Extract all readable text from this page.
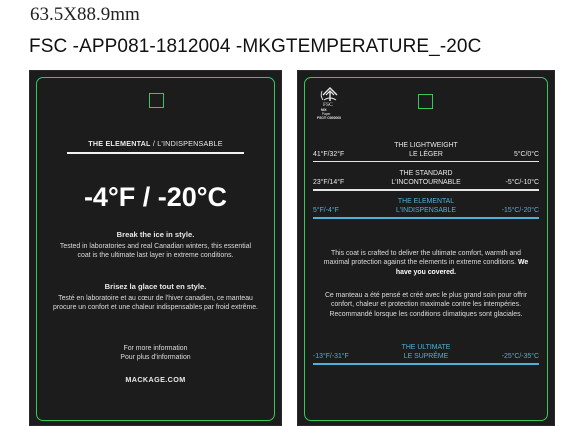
63.5X88.9mm
FSC -APP081-1812004 -MKGTEMPERATURE_-20C
THE ELEMENTAL / L'INDISPENSABLE
-4°F / -20°C
Break the ice in style.
Tested in laboratories and real Canadian winters, this essential coat is the ultimate last layer in extreme conditions.
Brisez la glace tout en style.
Testé en laboratoire et au cœur de l'hiver canadien, ce manteau procure un confort et une chaleur indispensables par froid extrême.
For more information
Pour plus d'information
MACKAGE.COM
FSC
MIX
Paper
FSC® C000000
THE LIGHTWEIGHT
LE LÉGER
41°F/32°F	5°C/0°C
THE STANDARD
L'INCONTOURNABLE
23°F/14°F	-5°C/-10°C
THE ELEMENTAL
L'INDISPENSABLE
5°F/-4°F	-15°C/-20°C
This coat is crafted to deliver the ultimate comfort, warmth and maximal protection against the elements in extreme conditions. We have you covered.
Ce manteau a été pensé et créé avec le plus grand soin pour offrir confort, chaleur et protection maximale contre les intempéries. Recommandé lorsque les conditions climatiques sont glaciales.
THE ULTIMATE
LE SUPRÊME
-13°F/-31°F	-25°C/-35°C
